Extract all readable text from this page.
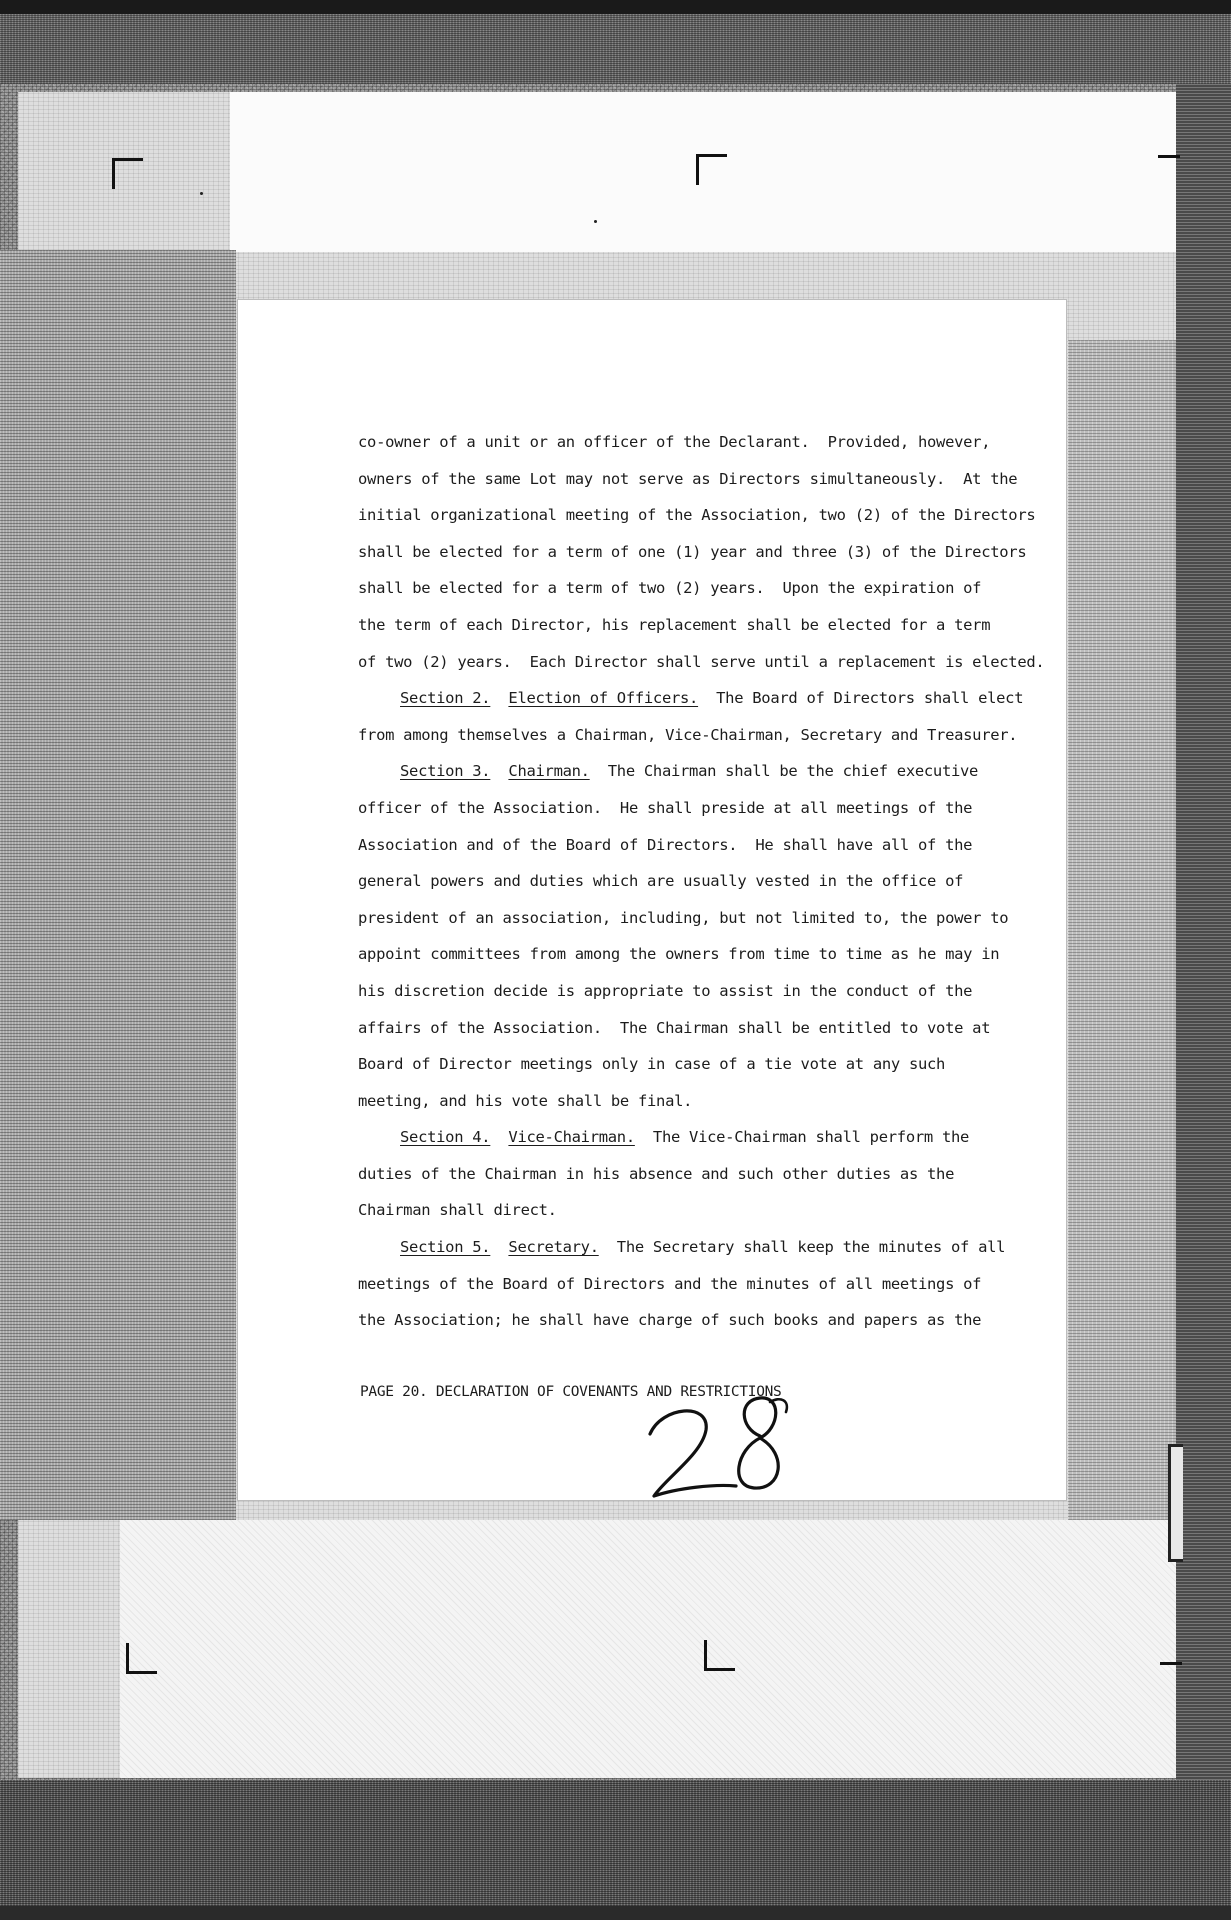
co-owner of a unit or an officer of the Declarant.  Provided, however,
owners of the same Lot may not serve as Directors simultaneously.  At the
initial organizational meeting of the Association, two (2) of the Directors
shall be elected for a term of one (1) year and three (3) of the Directors
shall be elected for a term of two (2) years.  Upon the expiration of
the term of each Director, his replacement shall be elected for a term
of two (2) years.  Each Director shall serve until a replacement is elected.
Section 2. Election of Officers.  The Board of Directors shall elect
from among themselves a Chairman, Vice-Chairman, Secretary and Treasurer.
Section 3. Chairman.  The Chairman shall be the chief executive
officer of the Association.  He shall preside at all meetings of the
Association and of the Board of Directors.  He shall have all of the
general powers and duties which are usually vested in the office of
president of an association, including, but not limited to, the power to
appoint committees from among the owners from time to time as he may in
his discretion decide is appropriate to assist in the conduct of the
affairs of the Association.  The Chairman shall be entitled to vote at
Board of Director meetings only in case of a tie vote at any such
meeting, and his vote shall be final.
Section 4. Vice-Chairman.  The Vice-Chairman shall perform the
duties of the Chairman in his absence and such other duties as the
Chairman shall direct.
Section 5. Secretary.  The Secretary shall keep the minutes of all
meetings of the Board of Directors and the minutes of all meetings of
the Association; he shall have charge of such books and papers as the
PAGE 20. DECLARATION OF COVENANTS AND RESTRICTIONS
